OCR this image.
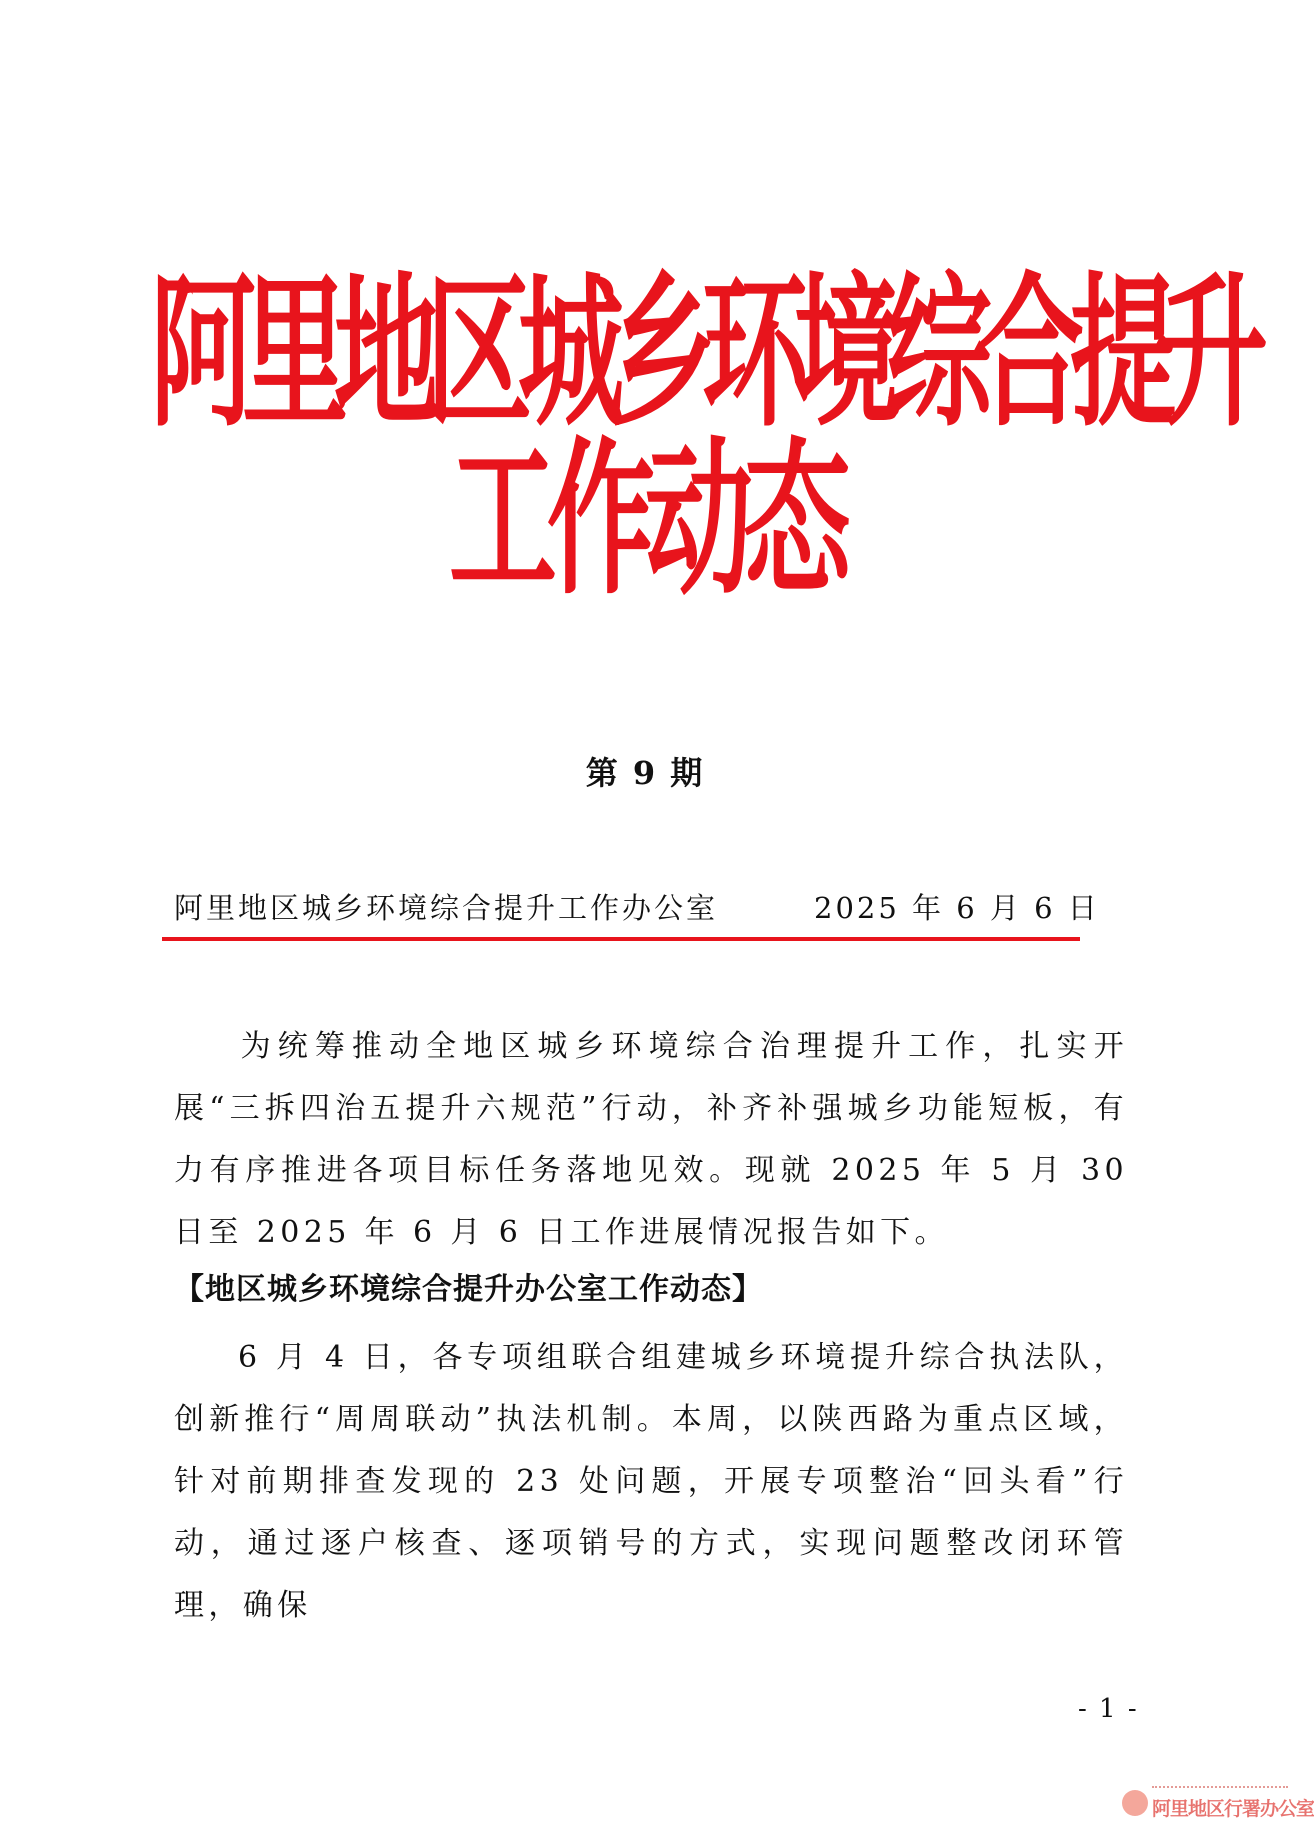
阿里地区城乡环境综合提升
工作动态
第 9 期
阿里地区城乡环境综合提升工作办公室	2025 年 6 月 6 日
为统筹推动全地区城乡环境综合治理提升工作，扎实开展“三拆四治五提升六规范”行动，补齐补强城乡功能短板，有力有序推进各项目标任务落地见效。现就 2025 年 5 月 30 日至 2025 年 6 月 6 日工作进展情况报告如下。
【地区城乡环境综合提升办公室工作动态】
6 月 4 日，各专项组联合组建城乡环境提升综合执法队，创新推行“周周联动”执法机制。本周，以陕西路为重点区域，针对前期排查发现的 23 处问题，开展专项整治“回头看”行动，通过逐户核查、逐项销号的方式，实现问题整改闭环管理，确保
- 1 -
阿里地区行署办公室
